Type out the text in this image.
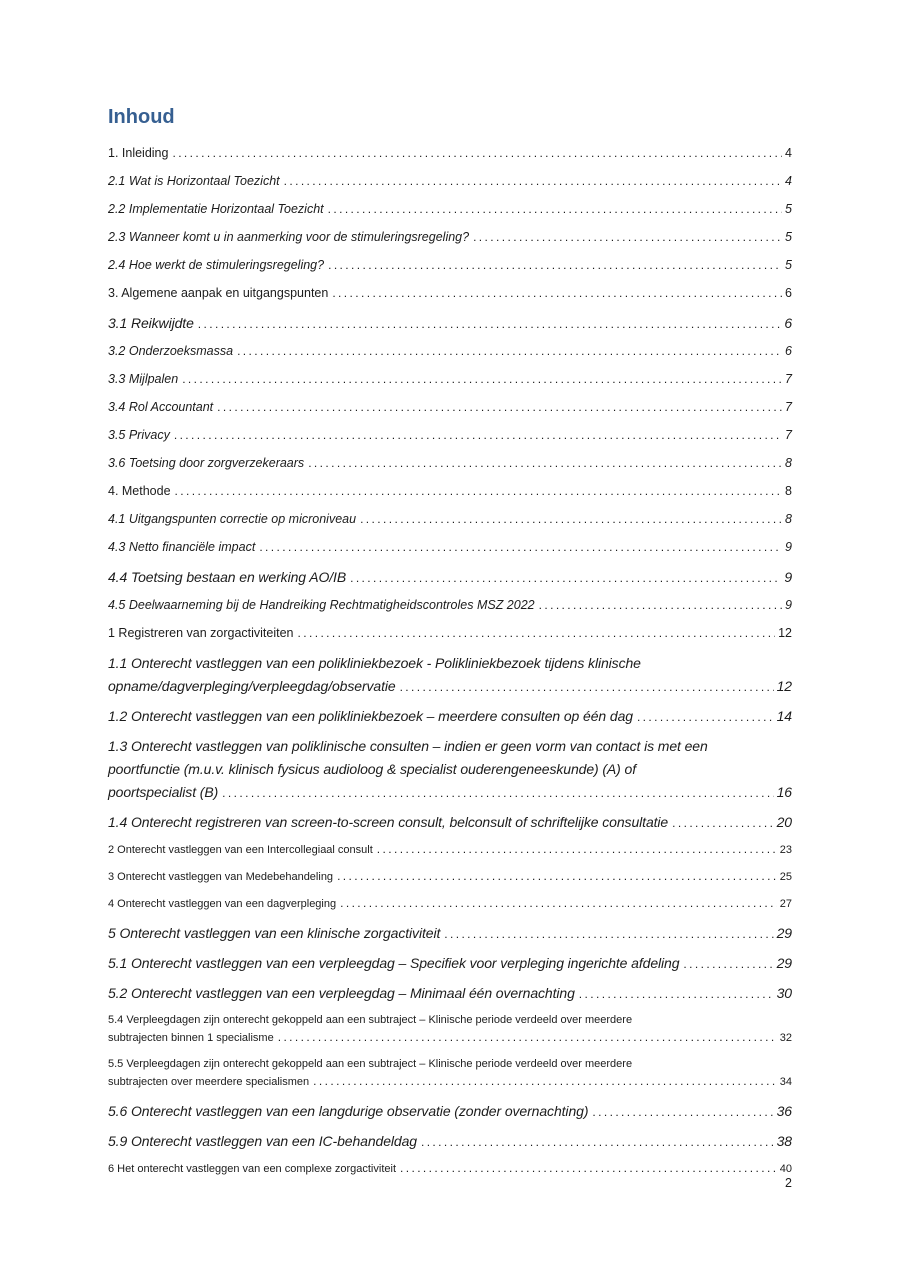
Inhoud
1. Inleiding .....	4
2.1 Wat is Horizontaal Toezicht .....	4
2.2 Implementatie Horizontaal Toezicht .....	5
2.3 Wanneer komt u in aanmerking voor de stimuleringsregeling? .....	5
2.4 Hoe werkt de stimuleringsregeling? .....	5
3. Algemene aanpak en uitgangspunten .....	6
3.1 Reikwijdte .....	6
3.2 Onderzoeksmassa .....	6
3.3 Mijlpalen .....	7
3.4 Rol Accountant .....	7
3.5 Privacy .....	7
3.6 Toetsing door zorgverzekeraars .....	8
4. Methode .....	8
4.1 Uitgangspunten correctie op microniveau .....	8
4.3 Netto financiële impact .....	9
4.4 Toetsing bestaan en werking AO/IB .....	9
4.5 Deelwaarneming bij de Handreiking Rechtmatigheidscontroles MSZ 2022 .....	9
1 Registreren van zorgactiviteiten .....	12
1.1 Onterecht vastleggen van een polikliniekbezoek - Polikliniekbezoek tijdens klinische
opname/dagverpleging/verpleegdag/observatie .....	12
1.2 Onterecht vastleggen van een polikliniekbezoek – meerdere consulten op één dag .....	14
1.3 Onterecht vastleggen van poliklinische consulten – indien er geen vorm van contact is met een
poortfunctie (m.u.v. klinisch fysicus audioloog & specialist ouderengeneeskunde) (A) of
poortspecialist (B) .....	16
1.4 Onterecht registreren van screen-to-screen consult, belconsult of schriftelijke consultatie .....	20
2 Onterecht vastleggen van een Intercollegiaal consult .....	23
3 Onterecht vastleggen van Medebehandeling .....	25
4 Onterecht vastleggen van een dagverpleging .....	27
5 Onterecht vastleggen van een klinische zorgactiviteit .....	29
5.1 Onterecht vastleggen van een verpleegdag – Specifiek voor verpleging ingerichte afdeling .....	29
5.2 Onterecht vastleggen van een verpleegdag – Minimaal één overnachting .....	30
5.4 Verpleegdagen zijn onterecht gekoppeld aan een subtraject – Klinische periode verdeeld over meerdere
subtrajecten binnen 1 specialisme .....	32
5.5 Verpleegdagen zijn onterecht gekoppeld aan een subtraject – Klinische periode verdeeld over meerdere
subtrajecten over meerdere specialismen .....	34
5.6 Onterecht vastleggen van een langdurige observatie (zonder overnachting) .....	36
5.9 Onterecht vastleggen van een IC-behandeldag .....	38
6 Het onterecht vastleggen van een complexe zorgactiviteit .....	40
2
